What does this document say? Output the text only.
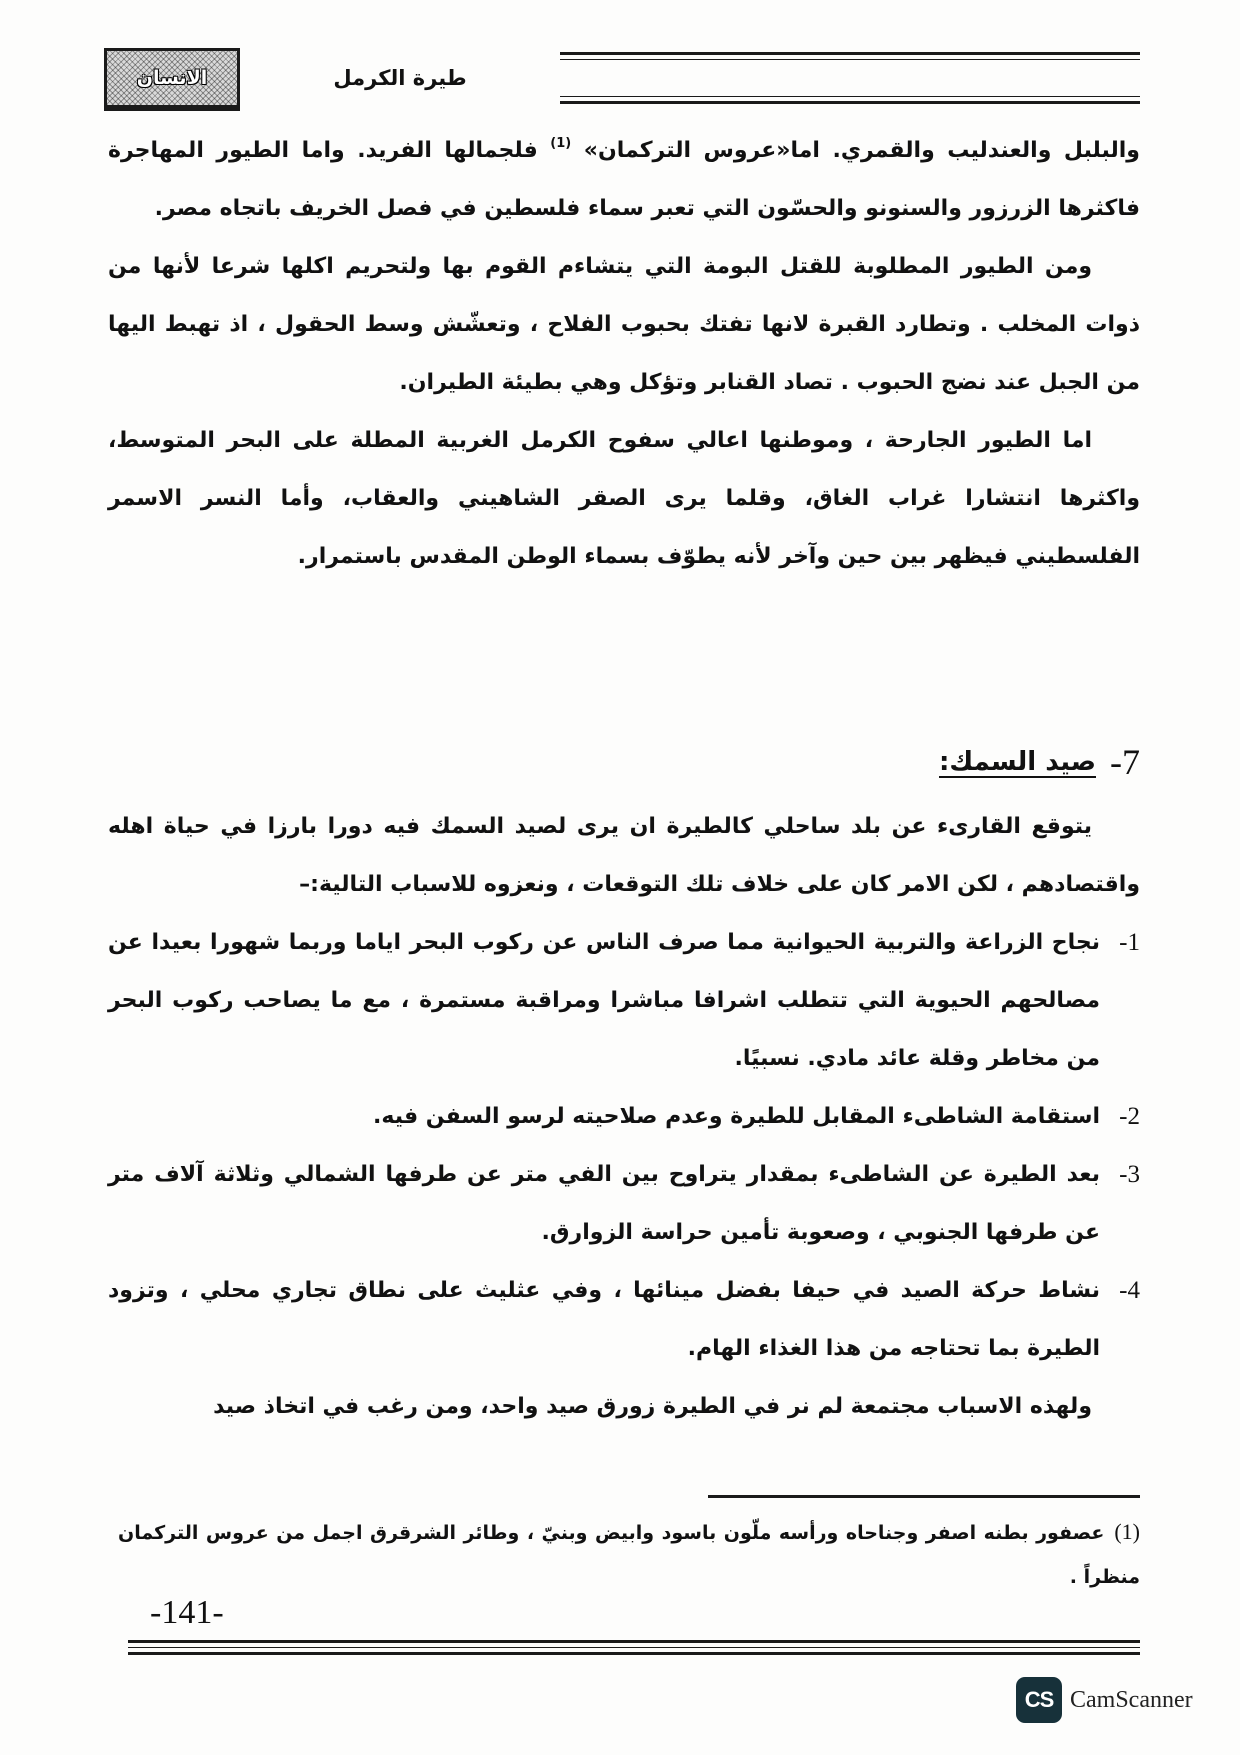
الانسان	طيرة الكرمل

والبلبل والعندليب والقمري. اما«عروس التركمان» $^{(1)}$ فلجمالها الفريد. واما الطيور المهاجرة فاكثرها الزرزور والسنونو والحسّون التي تعبر سماء فلسطين في فصل الخريف باتجاه مصر.

ومن الطيور المطلوبة للقتل البومة التي يتشاءم القوم بها ولتحريم اكلها شرعا لأنها من ذوات المخلب . وتطارد القبرة لانها تفتك بحبوب الفلاح ، وتعشّش وسط الحقول ، اذ تهبط اليها من الجبل عند نضج الحبوب . تصاد القنابر وتؤكل وهي بطيئة الطيران.

اما الطيور الجارحة ، وموطنها اعالي سفوح الكرمل الغربية المطلة على البحر المتوسط، واكثرها انتشارا غراب الغاق، وقلما يرى الصقر الشاهيني والعقاب، وأما النسر الاسمر الفلسطيني فيظهر بين حين وآخر لأنه يطوّف بسماء الوطن المقدس باستمرار.

7-
صيد السمك:

يتوقع القارىء عن بلد ساحلي كالطيرة ان يرى لصيد السمك فيه دورا بارزا في حياة اهله واقتصادهم ، لكن الامر كان على خلاف تلك التوقعات ، ونعزوه للاسباب التالية:–

1-
نجاح الزراعة والتربية الحيوانية مما صرف الناس عن ركوب البحر اياما وربما شهورا بعيدا عن مصالحهم الحيوية التي تتطلب اشرافا مباشرا ومراقبة مستمرة ، مع ما يصاحب ركوب البحر من مخاطر وقلة عائد مادي. نسبيًا.
2-
استقامة الشاطىء المقابل للطيرة وعدم صلاحيته لرسو السفن فيه.
3-
بعد الطيرة عن الشاطىء بمقدار يتراوح بين الفي متر عن طرفها الشمالي وثلاثة آلاف متر عن طرفها الجنوبي ، وصعوبة تأمين حراسة الزوارق.
4-
نشاط حركة الصيد في حيفا بفضل مينائها ، وفي عثليث على نطاق تجاري محلي ، وتزود الطيرة بما تحتاجه من هذا الغذاء الهام.

ولهذه الاسباب مجتمعة لم نر في الطيرة زورق صيد واحد، ومن رغب في اتخاذ صيد

(1)عصفور بطنه اصفر وجناحاه ورأسه ملّون باسود وابيض وبنيّ ، وطائر الشرقرق اجمل من عروس التركمان منظراً .

-141-
CS CamScanner
